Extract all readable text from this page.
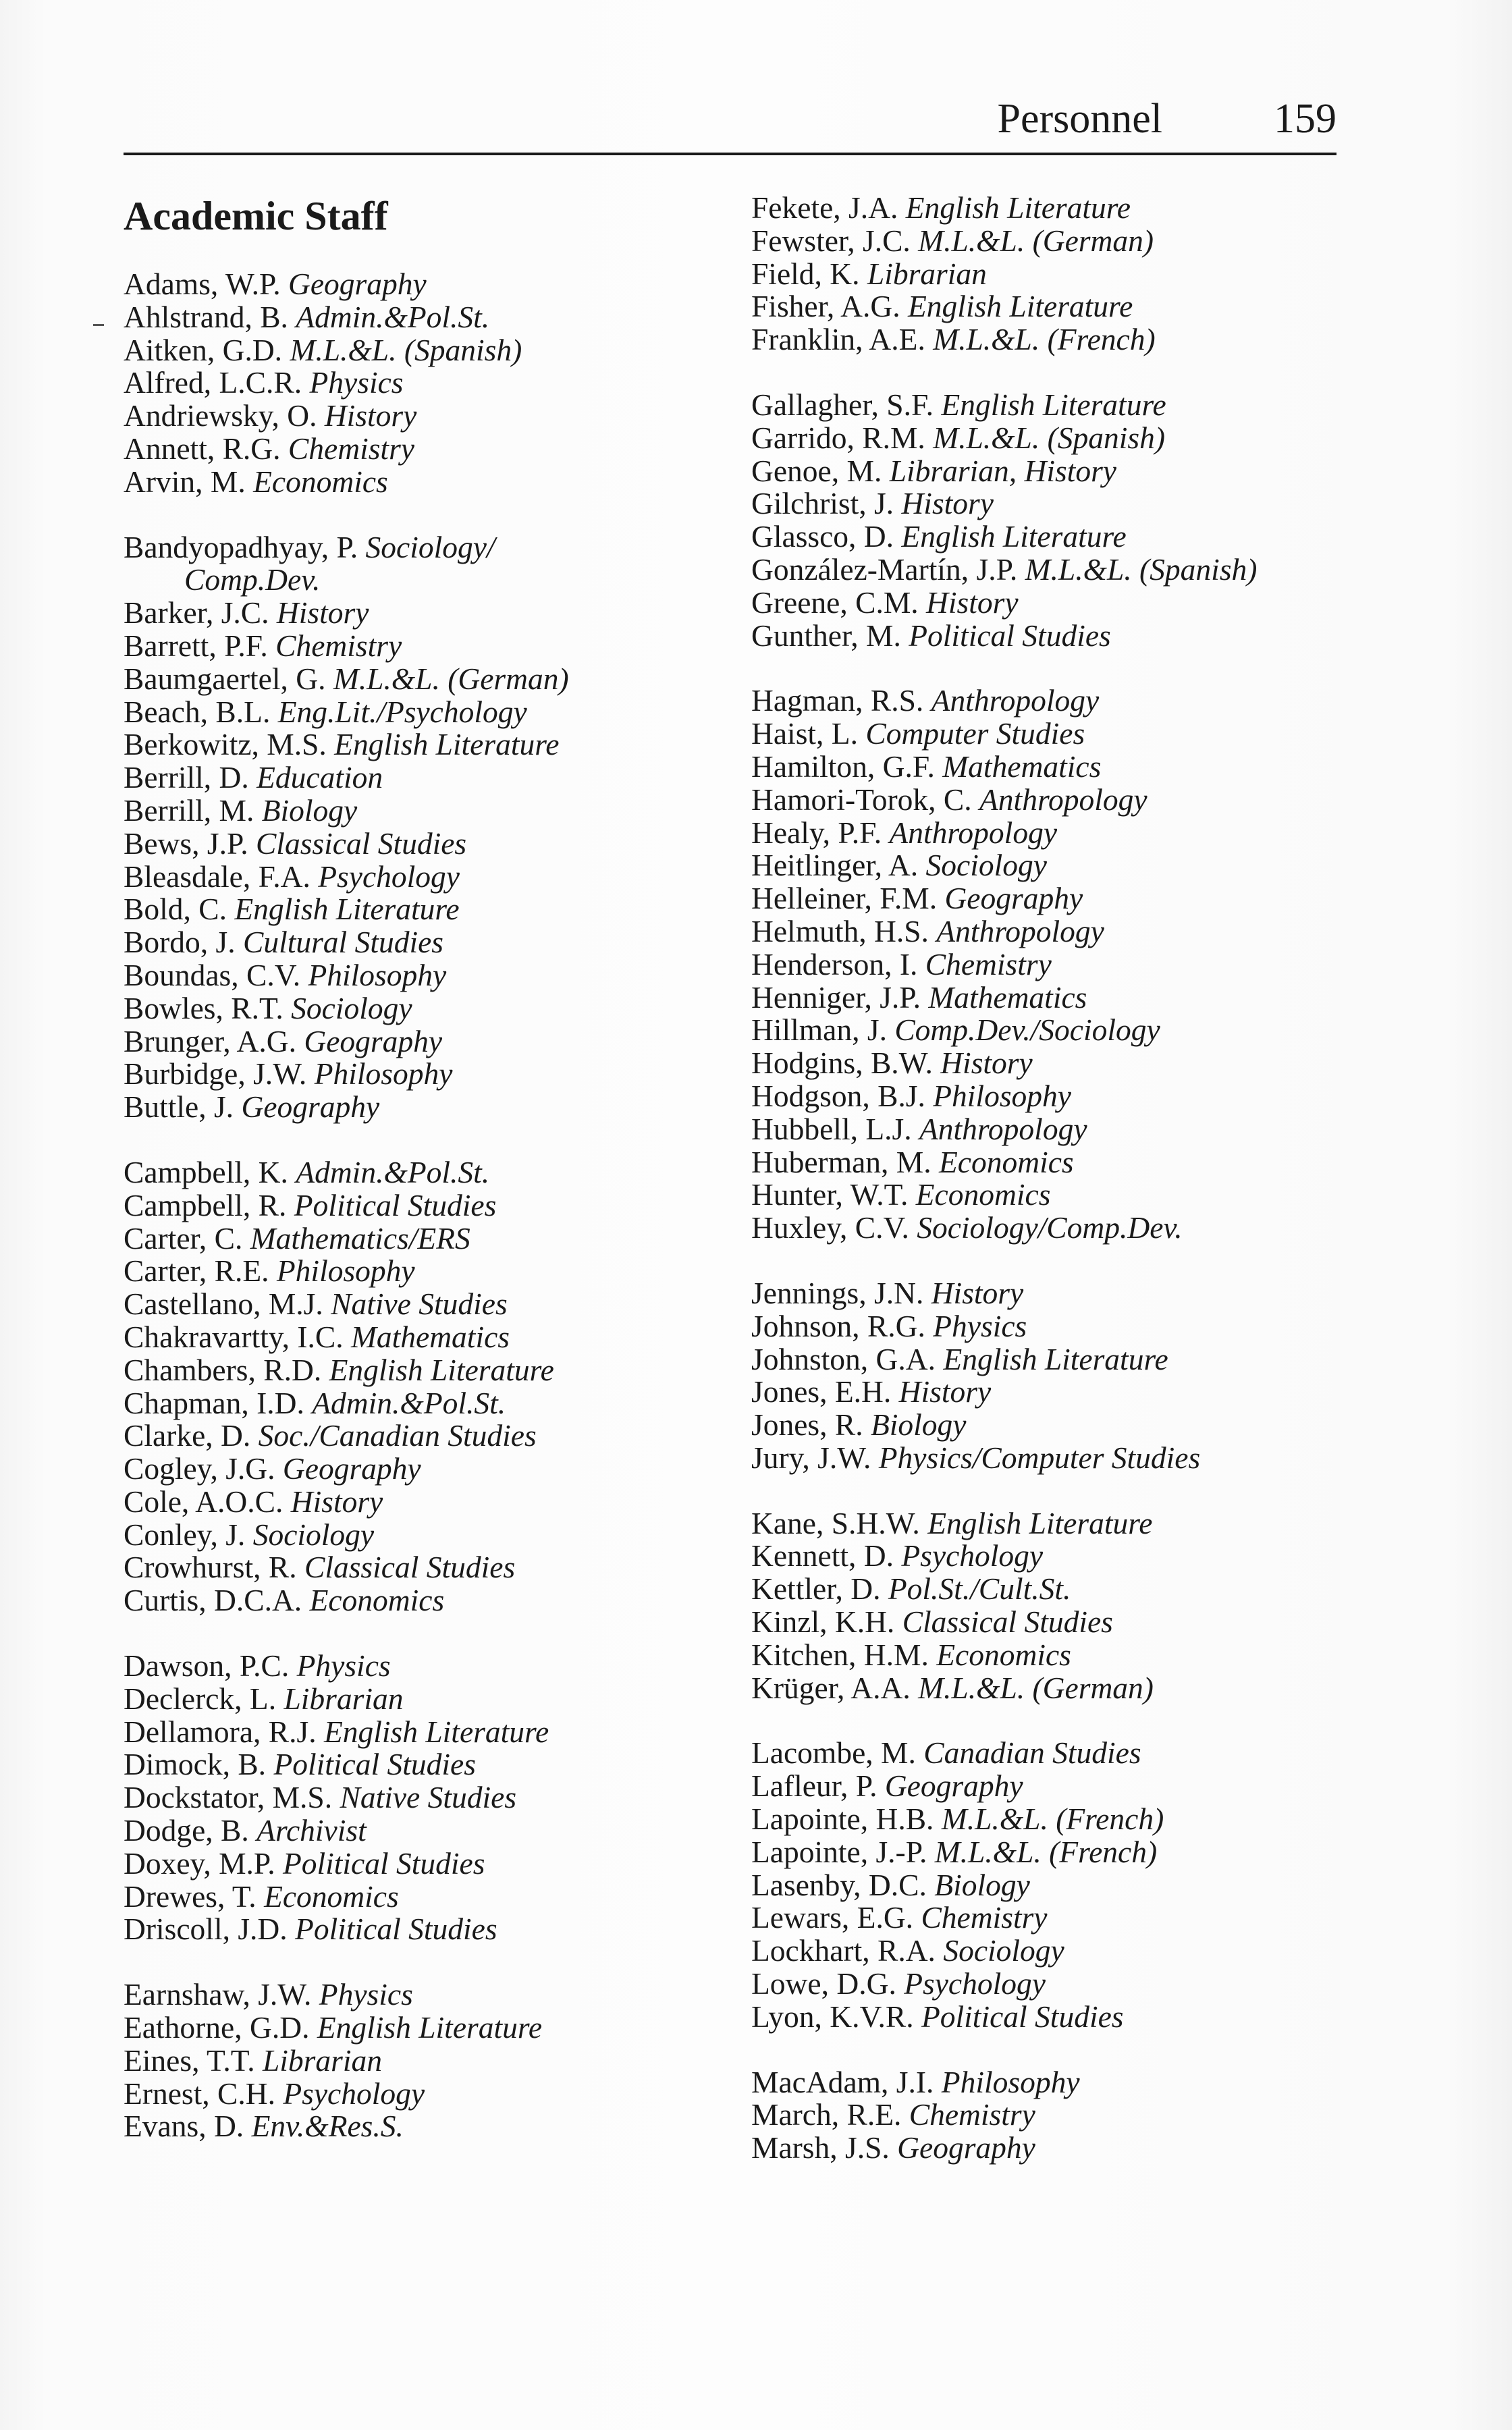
Personnel	159
Academic Staff
Adams, W.P. Geography
Ahlstrand, B. Admin.&Pol.St.
Aitken, G.D. M.L.&L. (Spanish)
Alfred, L.C.R. Physics
Andriewsky, O. History
Annett, R.G. Chemistry
Arvin, M. Economics
Bandyopadhyay, P. Sociology/
Comp.Dev.
Barker, J.C. History
Barrett, P.F. Chemistry
Baumgaertel, G. M.L.&L. (German)
Beach, B.L. Eng.Lit./Psychology
Berkowitz, M.S. English Literature
Berrill, D. Education
Berrill, M. Biology
Bews, J.P. Classical Studies
Bleasdale, F.A. Psychology
Bold, C. English Literature
Bordo, J. Cultural Studies
Boundas, C.V. Philosophy
Bowles, R.T. Sociology
Brunger, A.G. Geography
Burbidge, J.W. Philosophy
Buttle, J. Geography
Campbell, K. Admin.&Pol.St.
Campbell, R. Political Studies
Carter, C. Mathematics/ERS
Carter, R.E. Philosophy
Castellano, M.J. Native Studies
Chakravartty, I.C. Mathematics
Chambers, R.D. English Literature
Chapman, I.D. Admin.&Pol.St.
Clarke, D. Soc./Canadian Studies
Cogley, J.G. Geography
Cole, A.O.C. History
Conley, J. Sociology
Crowhurst, R. Classical Studies
Curtis, D.C.A. Economics
Dawson, P.C. Physics
Declerck, L. Librarian
Dellamora, R.J. English Literature
Dimock, B. Political Studies
Dockstator, M.S. Native Studies
Dodge, B. Archivist
Doxey, M.P. Political Studies
Drewes, T. Economics
Driscoll, J.D. Political Studies
Earnshaw, J.W. Physics
Eathorne, G.D. English Literature
Eines, T.T. Librarian
Ernest, C.H. Psychology
Evans, D. Env.&Res.S.
Fekete, J.A. English Literature
Fewster, J.C. M.L.&L. (German)
Field, K. Librarian
Fisher, A.G. English Literature
Franklin, A.E. M.L.&L. (French)
Gallagher, S.F. English Literature
Garrido, R.M. M.L.&L. (Spanish)
Genoe, M. Librarian, History
Gilchrist, J. History
Glassco, D. English Literature
González-Martín, J.P. M.L.&L. (Spanish)
Greene, C.M. History
Gunther, M. Political Studies
Hagman, R.S. Anthropology
Haist, L. Computer Studies
Hamilton, G.F. Mathematics
Hamori-Torok, C. Anthropology
Healy, P.F. Anthropology
Heitlinger, A. Sociology
Helleiner, F.M. Geography
Helmuth, H.S. Anthropology
Henderson, I. Chemistry
Henniger, J.P. Mathematics
Hillman, J. Comp.Dev./Sociology
Hodgins, B.W. History
Hodgson, B.J. Philosophy
Hubbell, L.J. Anthropology
Huberman, M. Economics
Hunter, W.T. Economics
Huxley, C.V. Sociology/Comp.Dev.
Jennings, J.N. History
Johnson, R.G. Physics
Johnston, G.A. English Literature
Jones, E.H. History
Jones, R. Biology
Jury, J.W. Physics/Computer Studies
Kane, S.H.W. English Literature
Kennett, D. Psychology
Kettler, D. Pol.St./Cult.St.
Kinzl, K.H. Classical Studies
Kitchen, H.M. Economics
Krüger, A.A. M.L.&L. (German)
Lacombe, M. Canadian Studies
Lafleur, P. Geography
Lapointe, H.B. M.L.&L. (French)
Lapointe, J.-P. M.L.&L. (French)
Lasenby, D.C. Biology
Lewars, E.G. Chemistry
Lockhart, R.A. Sociology
Lowe, D.G. Psychology
Lyon, K.V.R. Political Studies
MacAdam, J.I. Philosophy
March, R.E. Chemistry
Marsh, J.S. Geography
